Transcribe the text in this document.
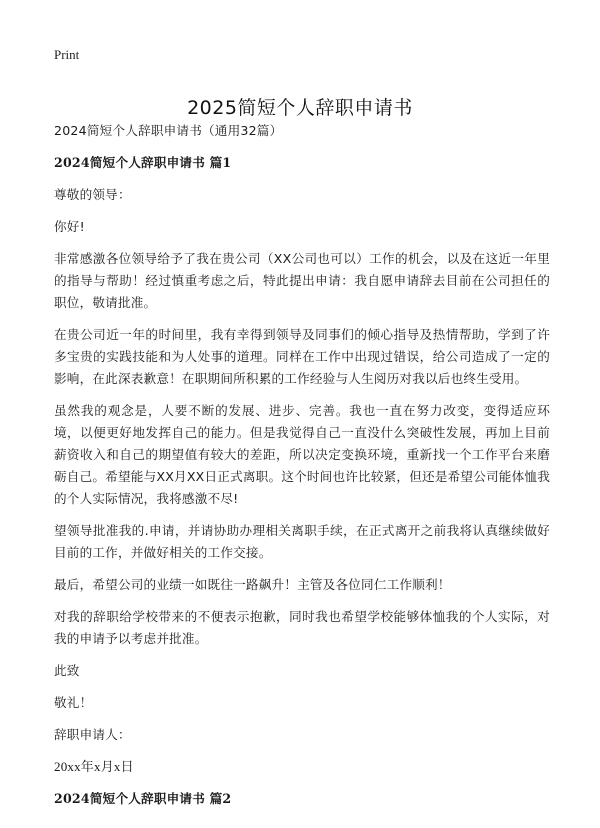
Print
2025简短个人辞职申请书

2024简短个人辞职申请书（通用32篇）

2024简短个人辞职申请书 篇1

尊敬的领导：

你好!

非常感激各位领导给予了我在贵公司（XX公司也可以）工作的机会，以及在这近一年里的指导与帮助！经过慎重考虑之后，特此提出申请：我自愿申请辞去目前在公司担任的职位，敬请批准。

在贵公司近一年的时间里，我有幸得到领导及同事们的倾心指导及热情帮助，学到了许多宝贵的实践技能和为人处事的道理。同样在工作中出现过错误，给公司造成了一定的影响，在此深表歉意！在职期间所积累的工作经验与人生阅历对我以后也终生受用。

虽然我的观念是，人要不断的发展、进步、完善。我也一直在努力改变，变得适应环境，以便更好地发挥自己的能力。但是我觉得自己一直没什么突破性发展，再加上目前薪资收入和自己的期望值有较大的差距，所以决定变换环境，重新找一个工作平台来磨砺自己。希望能与XX月XX日正式离职。这个时间也许比较紧，但还是希望公司能体恤我的个人实际情况，我将感激不尽!

望领导批准我的.申请，并请协助办理相关离职手续，在正式离开之前我将认真继续做好目前的工作，并做好相关的工作交接。

最后，希望公司的业绩一如既往一路飙升！主管及各位同仁工作顺利！

对我的辞职给学校带来的不便表示抱歉，同时我也希望学校能够体恤我的个人实际，对我的申请予以考虑并批准。

此致

敬礼！

辞职申请人：

20xx年x月x日

2024简短个人辞职申请书 篇2
